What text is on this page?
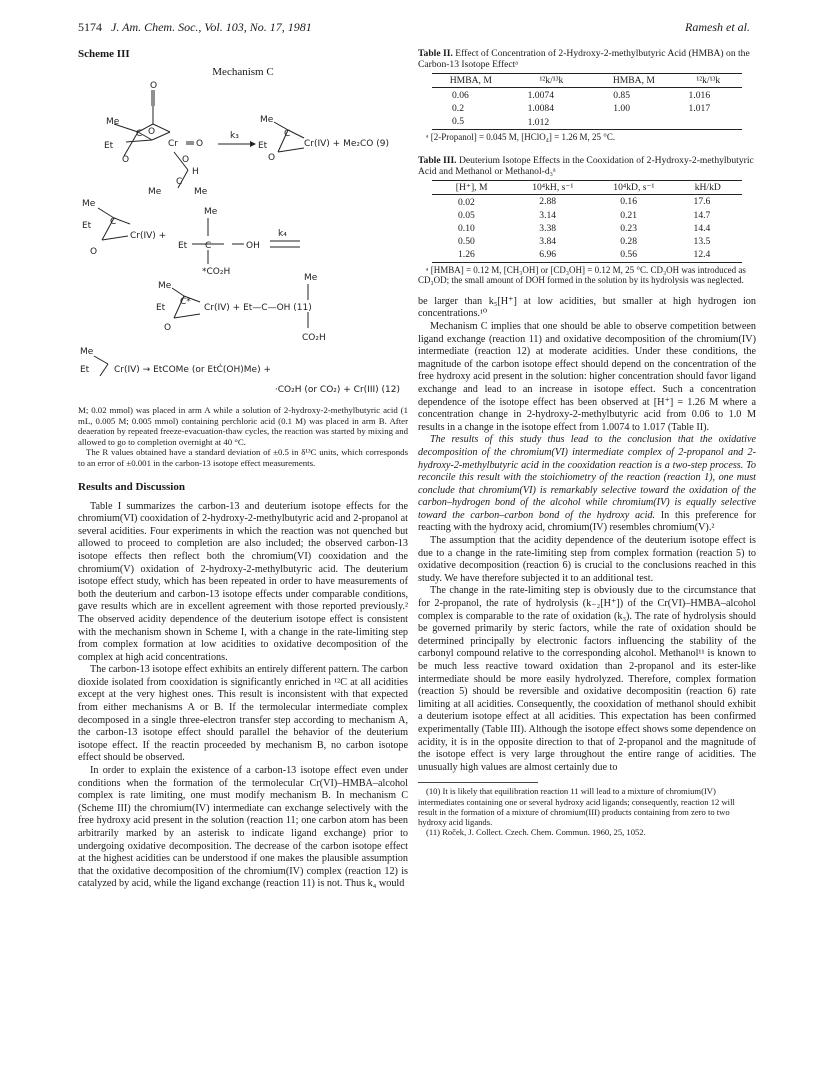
5174 J. Am. Chem. Soc., Vol. 103, No. 17, 1981	Ramesh et al.
Scheme III
Mechanism C
O
Me
C O
Cr O
Et
O	O
H
Me	Me
C
k₃
Me
Et
C
O
Cr(IV) + Me₂CO (9)
Me
Et C
O
Cr(IV) +
Et
Me
C	OH
*CO₂H
k₄
Me
Et
C*
O
Cr(IV) + Et—C—OH (11)
Me
CO₂H
Me
Et	Cr(IV) → EtCOMe (or EtĊ(OH)Me) +
·CO₂H (or CO₂) + Cr(III) (12)

M; 0.02 mmol) was placed in arm A while a solution of 2-hydroxy-2-methylbutyric acid (1 mL, 0.005 M; 0.005 mmol) containing perchloric acid (0.1 M) was placed in arm B. After deaeration by repeated freeze-evacuation-thaw cycles, the reaction was started by mixing and allowed to go to completion overnight at 40 °C.

The R values obtained have a standard deviation of ±0.5 in δ¹³C units, which corresponds to an error of ±0.001 in the carbon-13 isotope effect measurements.

Results and Discussion

Table I summarizes the carbon-13 and deuterium isotope effects for the chromium(VI) cooxidation of 2-hydroxy-2-methylbutyric acid and 2-propanol at several acidities. Four experiments in which the reaction was not quenched but allowed to proceed to completion are also included; the observed carbon-13 isotope effects then reflect both the chromium(VI) cooxidation and the chromium(V) oxidation of 2-hydroxy-2-methylbutyric acid. The deuterium isotope effect study, which has been repeated in order to have measurements of both the deuterium and carbon-13 isotope effects under comparable conditions, gave results which are in excellent agreement with those reported previously.² The observed acidity dependence of the deuterium isotope effect is consistent with the mechanism shown in Scheme I, with a change in the rate-limiting step from complex formation at low acidities to oxidative decomposition of the complex at high acid concentrations.

The carbon-13 isotope effect exhibits an entirely different pattern. The carbon dioxide isolated from cooxidation is significantly enriched in ¹²C at all acidities except at the very highest ones. This result is inconsistent with that expected from either mechanisms A or B. If the termolecular intermediate complex decomposed in a single three-electron transfer step according to mechanism A, the carbon-13 isotope effect should parallel the behavior of the deuterium isotope effect. If the reactin proceeded by mechanism B, no carbon isotope effect should be observed.

In order to explain the existence of a carbon-13 isotope effect even under conditions when the formation of the termolecular Cr(VI)–HMBA–alcohol complex is rate limiting, one must modify mechanism B. In mechanism C (Scheme III) the chromium(IV) intermediate can exchange selectively with the free hydroxy acid present in the solution (reaction 11; one carbon atom has been arbitrarily marked by an asterisk to indicate ligand exchange) prior to undergoing oxidative decomposition. The decrease of the carbon isotope effect at the highest acidities can be understood if one makes the plausible assumption that the oxidative decomposition of the chromium(IV) complex (reaction 12) is catalyzed by acid, while the ligand exchange (reaction 11) is not. Thus k₄ would

Table II. Effect of Concentration of 2-Hydroxy-2-methylbutyric Acid (HMBA) on the Carbon-13 Isotope Effectᵃ
HMBA, M	¹²k/¹³k	HMBA, M	¹²k/¹³k
0.06	1.0074	0.85	1.016
0.2	1.0084	1.00	1.017
0.5	1.012		

ᵃ [2-Propanol] = 0.045 M, [HClO₄] = 1.26 M, 25 °C.

Table III. Deuterium Isotope Effects in the Cooxidation of 2-Hydroxy-2-methylbutyric Acid and Methanol or Methanol-d₃ᵃ
[H⁺], M	10⁴kH, s⁻¹	10⁴kD, s⁻¹	kH/kD
0.02	2.88	0.16	17.6
0.05	3.14	0.21	14.7
0.10	3.38	0.23	14.4
0.50	3.84	0.28	13.5
1.26	6.96	0.56	12.4

ᵃ [HMBA] = 0.12 M, [CH₃OH] or [CD₃OH] = 0.12 M, 25 °C. CD₃OH was introduced as CD₃OD; the small amount of DOH formed in the solution by its hydrolysis was neglected.

be larger than k₅[H⁺] at low acidities, but smaller at high hydrogen ion concentrations.¹⁰

Mechanism C implies that one should be able to observe competition between ligand exchange (reaction 11) and oxidative decomposition of the chromium(IV) intermediate (reaction 12) at moderate acidities. Under these conditions, the magnitude of the carbon isotope effect should depend on the concentration of the free hydroxy acid present in the solution: higher concentration should favor ligand exchange and lead to an increase in isotope effect. Such a concentration dependence of the isotope effect has been observed at [H⁺] = 1.26 M where a concentration change in 2-hydroxy-2-methylbutyric acid from 0.06 to 1.0 M results in a change in the isotope effect from 1.0074 to 1.017 (Table II).

The results of this study thus lead to the conclusion that the oxidative decomposition of the chromium(VI) intermediate complex of 2-propanol and 2-hydroxy-2-methylbutyric acid in the cooxidation reaction is a two-step process. To reconcile this result with the stoichiometry of the reaction (reaction 1), one must conclude that chromium(VI) is remarkably selective toward the oxidation of the carbon–hydrogen bond of the alcohol while chromium(IV) is equally selective toward the carbon–carbon bond of the hydroxy acid. In this preference for reacting with the hydroxy acid, chromium(IV) resembles chromium(V).²

The assumption that the acidity dependence of the deuterium isotope effect is due to a change in the rate-limiting step from complex formation (reaction 5) to oxidative decomposition (reaction 6) is crucial to the conclusions reached in this study. We have therefore subjected it to an additional test.

The change in the rate-limiting step is obviously due to the circumstance that for 2-propanol, the rate of hydrolysis (k₋₂[H⁺]) of the Cr(VI)–HMBA–alcohol complex is comparable to the rate of oxidation (k₃). The rate of hydrolysis should be governed primarily by steric factors, while the rate of oxidation should be determined principally by electronic factors influencing the stability of the carbonyl compound relative to the corresponding alcohol. Methanol¹¹ is known to be much less reactive toward oxidation than 2-propanol and its ester-like intermediate should be more easily hydrolyzed. Therefore, complex formation (reaction 5) should be reversible and oxidative decompositin (reaction 6) rate limiting at all acidities. Consequently, the cooxidation of methanol should exhibit a deuterium isotope effect at all acidities. This expectation has been confirmed experimentally (Table III). Although the isotope effect shows some dependence on acidity, it is in the opposite direction to that of 2-propanol and the magnitude of the isotope effect is very large throughout the entire range of acidities. The unusually high values are almost certainly due to

(10) It is likely that equilibration reaction 11 will lead to a mixture of chromium(IV) intermediates containing one or several hydroxy acid ligands; consequently, reaction 12 will result in the formation of a mixture of chromium(III) products containing from zero to two hydroxy acid ligands.

(11) Roček, J. Collect. Czech. Chem. Commun. 1960, 25, 1052.
